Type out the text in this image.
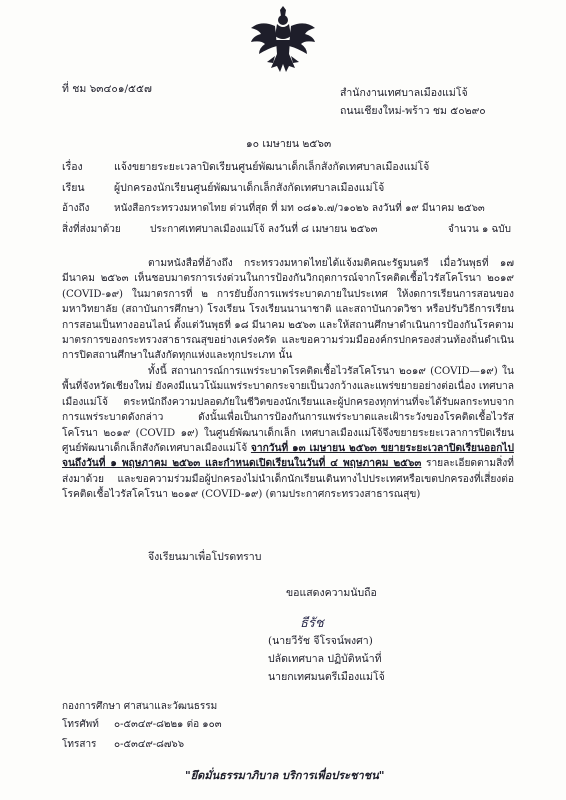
ที่ ชม ๖๓๔๐๑/๕๕๗	สำนักงานเทศบาลเมืองแม่โจ้
ถนนเชียงใหม่-พร้าว ชม ๕๐๒๙๐
๑๐ เมษายน ๒๕๖๓
เรื่อง	แจ้งขยายระยะเวลาปิดเรียนศูนย์พัฒนาเด็กเล็กสังกัดเทศบาลเมืองแม่โจ้
เรียน	ผู้ปกครองนักเรียนศูนย์พัฒนาเด็กเล็กสังกัดเทศบาลเมืองแม่โจ้
อ้างถึง หนังสือกระทรวงมหาดไทย ด่วนที่สุด ที่ มท ๐๘๑๖.๗/ว๑๐๒๖ ลงวันที่ ๑๙ มีนาคม ๒๕๖๓
สิ่งที่ส่งมาด้วย	ประกาศเทศบาลเมืองแม่โจ้ ลงวันที่ ๘ เมษายน ๒๕๖๓	จำนวน ๑ ฉบับ

ตามหนังสือที่อ้างถึง กระทรวงมหาดไทยได้แจ้งมติคณะรัฐมนตรี เมื่อวันพุธที่ ๑๗ มีนาคม ๒๕๖๓ เห็นชอบมาตรการเร่งด่วนในการป้องกันวิกฤตการณ์จากโรคติดเชื้อไวรัสโคโรนา ๒๐๑๙ (COVID-๑๙) ในมาตรการที่ ๒ การยับยั้งการแพร่ระบาดภายในประเทศ ให้งดการเรียนการสอนของมหาวิทยาลัย (สถาบันการศึกษา) โรงเรียน โรงเรียนนานาชาติ และสถาบันกวดวิชา หรือปรับวิธีการเรียนการสอนเป็นทางออนไลน์ ตั้งแต่วันพุธที่ ๑๘ มีนาคม ๒๕๖๓ และให้สถานศึกษาดำเนินการป้องกันโรคตามมาตรการของกระทรวงสาธารณสุขอย่างเคร่งครัด และขอความร่วมมือองค์กรปกครองส่วนท้องถิ่นดำเนินการปิดสถานศึกษาในสังกัดทุกแห่งและทุกประเภท นั้น

ทั้งนี้ สถานการณ์การแพร่ระบาดโรคติดเชื้อไวรัสโคโรนา ๒๐๑๙ (COVID—๑๙) ในพื้นที่จังหวัดเชียงใหม่ ยังคงมีแนวโน้มแพร่ระบาดกระจายเป็นวงกว้างและแพร่ขยายอย่างต่อเนื่อง เทศบาลเมืองแม่โจ้ ตระหนักถึงความปลอดภัยในชีวิตของนักเรียนและผู้ปกครองทุกท่านที่จะได้รับผลกระทบจากการแพร่ระบาดดังกล่าว ดังนั้นเพื่อเป็นการป้องกันการแพร่ระบาดและเฝ้าระวังของโรคติดเชื้อไวรัสโคโรนา ๒๐๑๙ (COVID ๑๙) ในศูนย์พัฒนาเด็กเล็ก เทศบาลเมืองแม่โจ้จึงขยายระยะเวลาการปิดเรียนศูนย์พัฒนาเด็กเล็กสังกัดเทศบาลเมืองแม่โจ้ จากวันที่ ๑๓ เมษายน ๒๕๖๓ ขยายระยะเวลาปิดเรียนออกไปจนถึงวันที่ ๑ พฤษภาคม ๒๕๖๓ และกำหนดเปิดเรียนในวันที่ ๔ พฤษภาคม ๒๕๖๓ รายละเอียดตามสิ่งที่ส่งมาด้วย และขอความร่วมมือผู้ปกครองไม่นำเด็กนักเรียนเดินทางไปประเทศหรือเขตปกครองที่เสี่ยงต่อโรคติดเชื้อไวรัสโคโรนา ๒๐๑๙ (COVID-๑๙) (ตามประกาศกระทรวงสาธารณสุข)

จึงเรียนมาเพื่อโปรดทราบ
ขอแสดงความนับถือ
ธีรัช
(นายวีรัช จีโรจน์พงศา)
ปลัดเทศบาล ปฏิบัติหน้าที่
นายกเทศมนตรีเมืองแม่โจ้
กองการศึกษา ศาสนาและวัฒนธรรม
โทรศัพท์ ๐-๕๓๔๙-๘๒๒๑ ต่อ ๑๐๓
โทรสาร ๐-๕๓๔๙-๘๗๖๖
"ยึดมั่นธรรมาภิบาล บริการเพื่อประชาชน"
